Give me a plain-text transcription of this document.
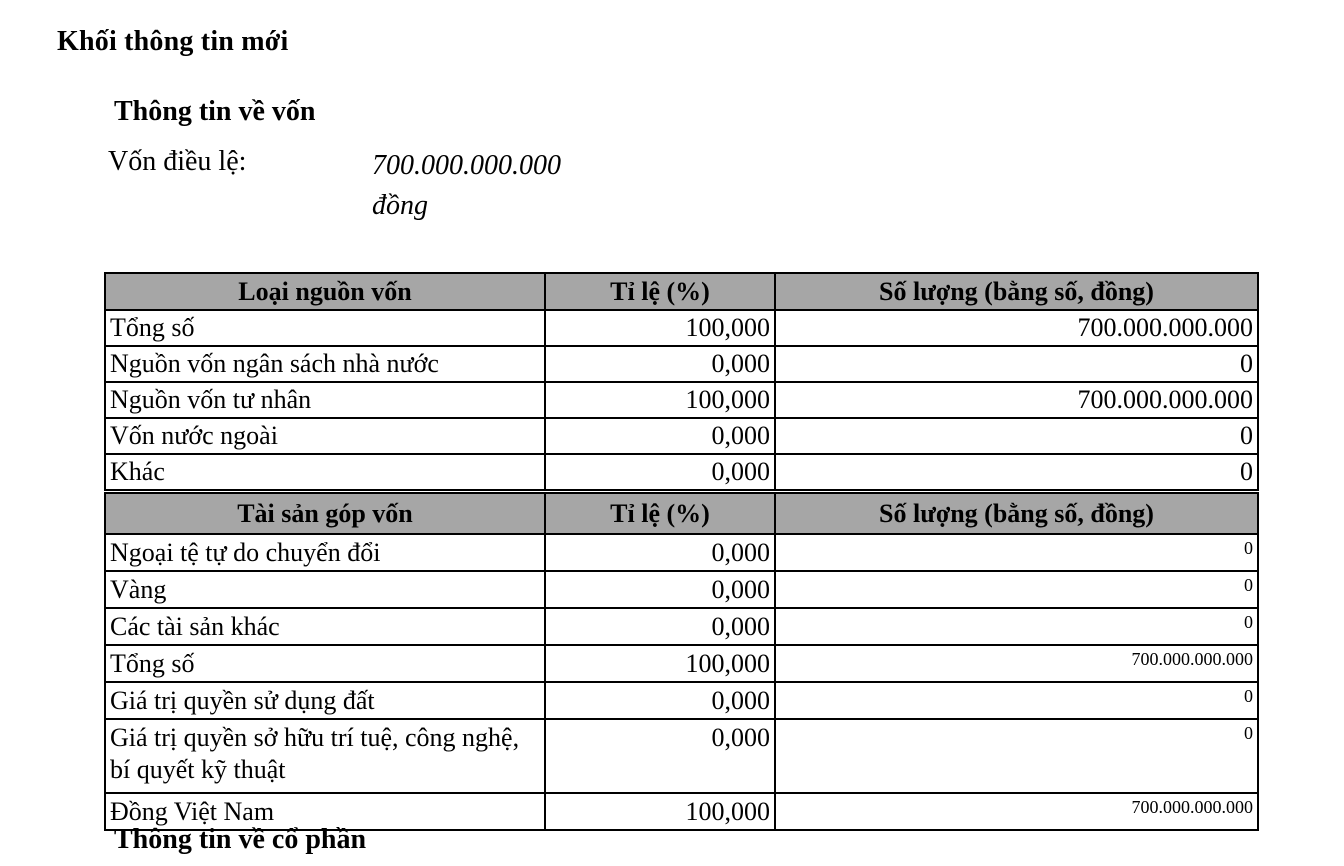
Khối thông tin mới
Thông tin về vốn
Vốn điều lệ:	700.000.000.000
đồng
Loại nguồn vốn	Tỉ lệ (%)	Số lượng (bằng số, đồng)
Tổng số	100,000	700.000.000.000
Nguồn vốn ngân sách nhà nước	0,000	0
Nguồn vốn tư nhân	100,000	700.000.000.000
Vốn nước ngoài	0,000	0
Khác	0,000	0
Tài sản góp vốn	Tỉ lệ (%)	Số lượng (bằng số, đồng)
Ngoại tệ tự do chuyển đổi	0,000	0
Vàng	0,000	0
Các tài sản khác	0,000	0
Tổng số	100,000	700.000.000.000
Giá trị quyền sử dụng đất	0,000	0
Giá trị quyền sở hữu trí tuệ, công nghệ, bí quyết kỹ thuật	0,000	0
Đồng Việt Nam	100,000	700.000.000.000
Thông tin về cổ phần
